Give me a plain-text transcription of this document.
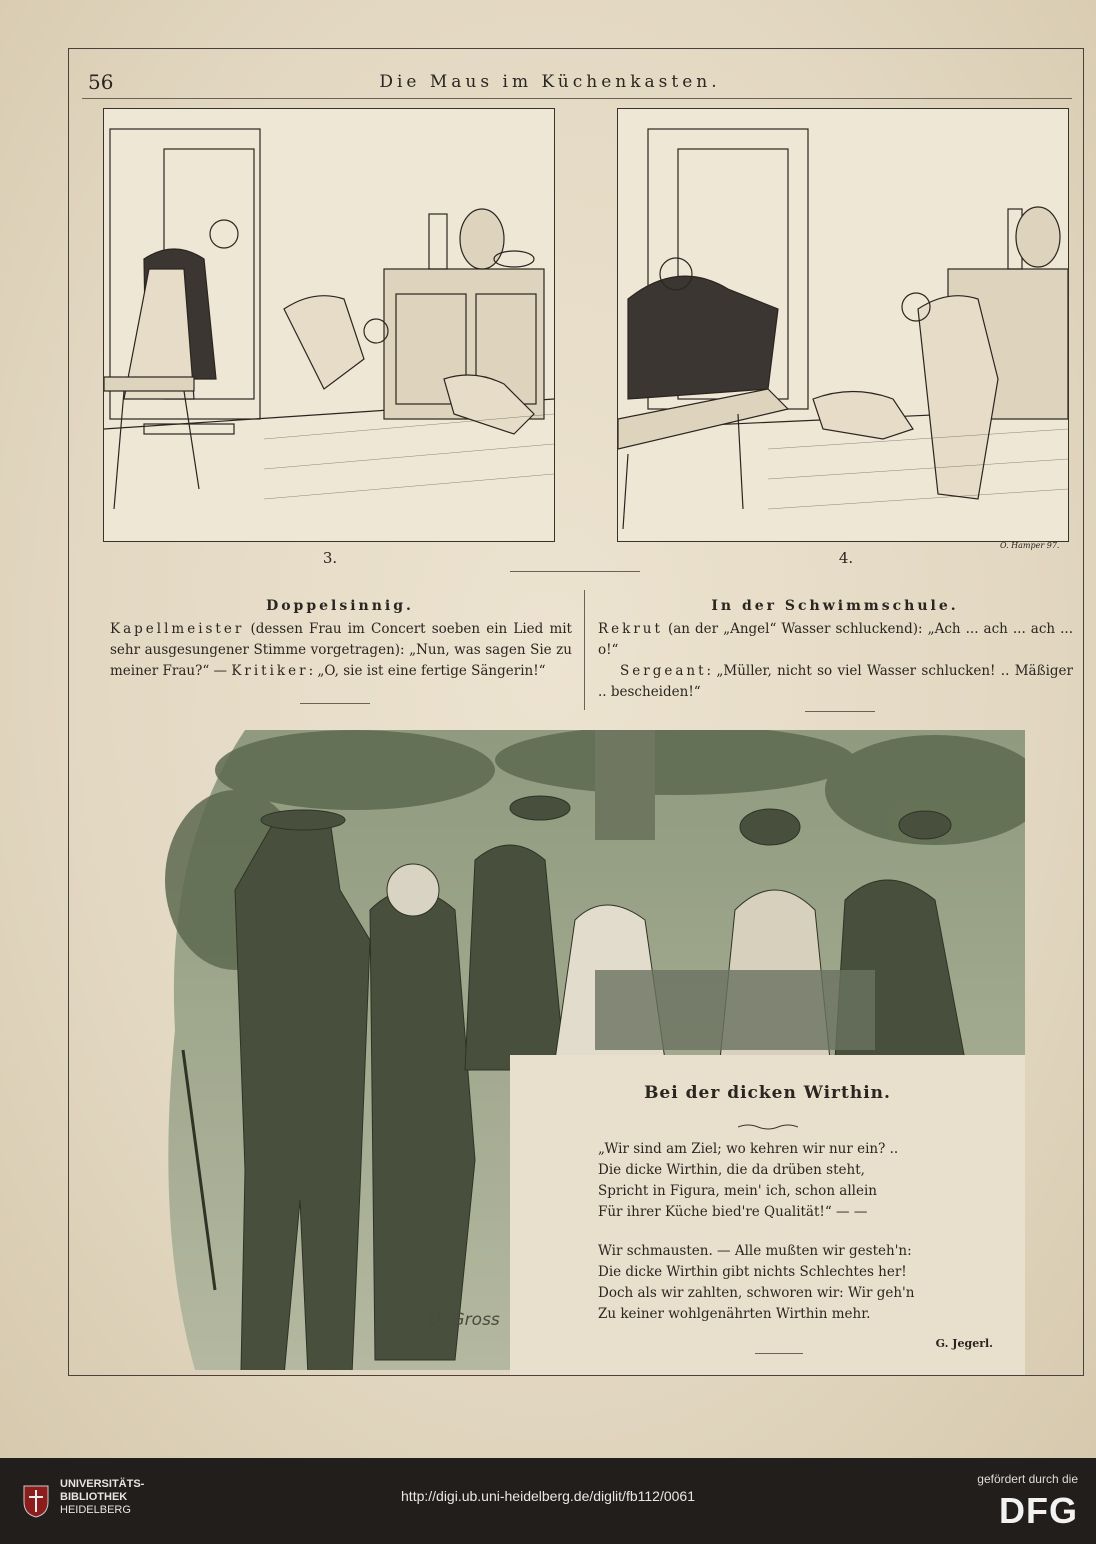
56	Die Maus im Küchenkasten.
3.	4.
O. Hamper 97.
Doppelsinnig.

Kapellmeister (dessen Frau im Concert soeben ein Lied mit sehr ausgesungener Stimme vorgetragen): „Nun, was sagen Sie zu meiner Frau?“ — Kritiker: „O, sie ist eine fertige Sängerin!“

In der Schwimmschule.

Rekrut (an der „Angel“ Wasser schluckend): „Ach ... ach ... ach ... o!“

Sergeant: „Müller, nicht so viel Wasser schlucken! .. Mäßiger .. bescheiden!“

Bei der dicken Wirthin.
„Wir sind am Ziel; wo kehren wir nur ein? ..
Die dicke Wirthin, die da drüben steht,
Spricht in Figura, mein' ich, schon allein
Für ihrer Küche bied're Qualität!“ — —
Wir schmausten. — Alle mußten wir gesteh'n:
Die dicke Wirthin gibt nichts Schlechtes her!
Doch als wir zahlten, schworen wir: Wir geh'n
Zu keiner wohlgenährten Wirthin mehr.
G. Jegerl.
O. Gross
UNIVERSITÄTS-
BIBLIOTHEK
HEIDELBERG
http://digi.ub.uni-heidelberg.de/diglit/fb112/0061
gefördert durch die
DFG
